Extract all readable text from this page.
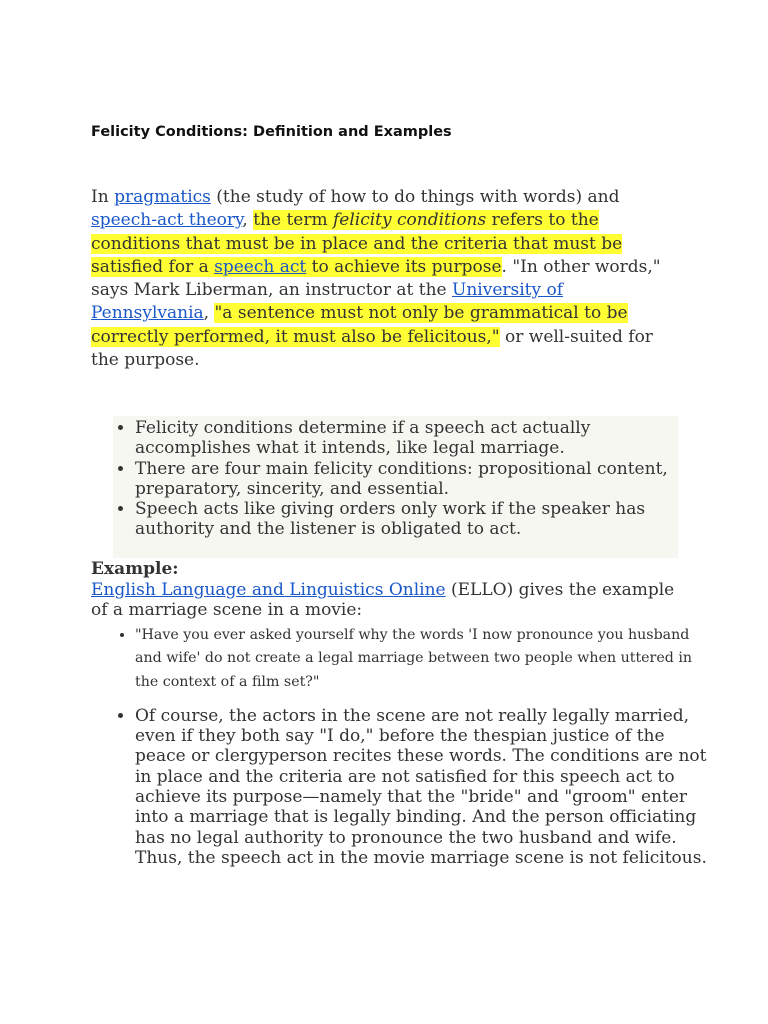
Felicity Conditions: Definition and Examples

In pragmatics (the study of how to do things with words) and speech-act theory, the term felicity conditions refers to the conditions that must be in place and the criteria that must be satisfied for a speech act to achieve its purpose. "In other words," says Mark Liberman, an instructor at the University of Pennsylvania, "a sentence must not only be grammatical to be correctly performed, it must also be felicitous," or well-suited for the purpose.

• Felicity conditions determine if a speech act actually accomplishes what it intends, like legal marriage.
• There are four main felicity conditions: propositional content, preparatory, sincerity, and essential.
• Speech acts like giving orders only work if the speaker has authority and the listener is obligated to act.

Example:

English Language and Linguistics Online (ELLO) gives the example of a marriage scene in a movie:

• "Have you ever asked yourself why the words 'I now pronounce you husband and wife' do not create a legal marriage between two people when uttered in the context of a film set?"
• Of course, the actors in the scene are not really legally married, even if they both say "I do," before the thespian justice of the peace or clergyperson recites these words. The conditions are not in place and the criteria are not satisfied for this speech act to achieve its purpose—namely that the "bride" and "groom" enter into a marriage that is legally binding. And the person officiating has no legal authority to pronounce the two husband and wife. Thus, the speech act in the movie marriage scene is not felicitous.
